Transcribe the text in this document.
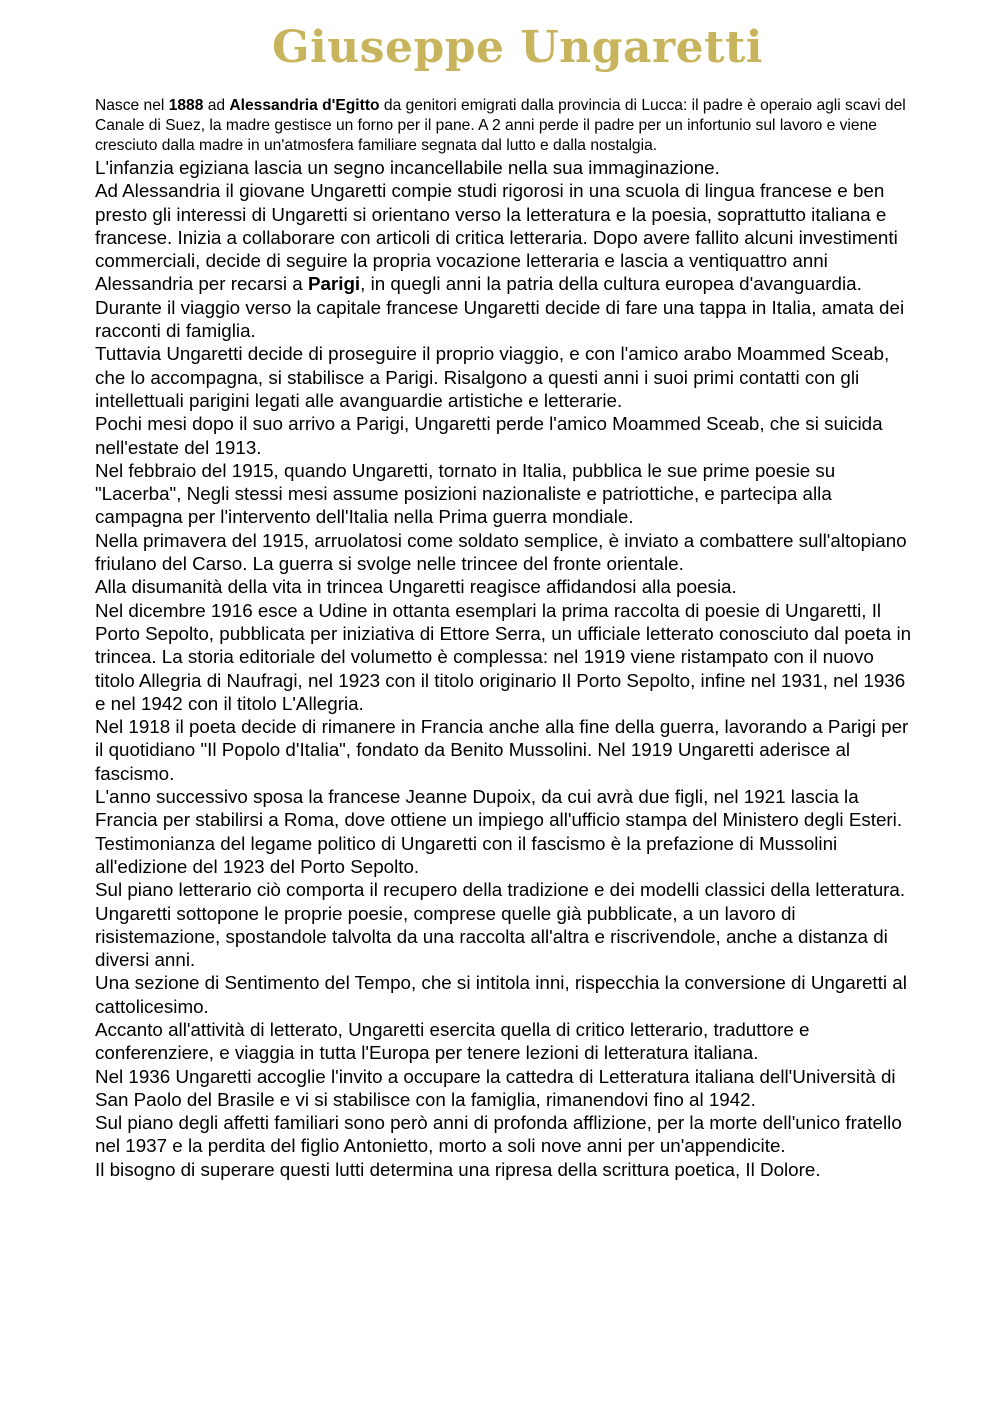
Giuseppe Ungaretti

Nasce nel 1888 ad Alessandria d'Egitto da genitori emigrati dalla provincia di Lucca: il padre è operaio agli scavi del Canale di Suez, la madre gestisce un forno per il pane. A 2 anni perde il padre per un infortunio sul lavoro e viene cresciuto dalla madre in un'atmosfera familiare segnata dal lutto e dalla nostalgia.

L'infanzia egiziana lascia un segno incancellabile nella sua immaginazione.

Ad Alessandria il giovane Ungaretti compie studi rigorosi in una scuola di lingua francese e ben presto gli interessi di Ungaretti si orientano verso la letteratura e la poesia, soprattutto italiana e francese. Inizia a collaborare con articoli di critica letteraria. Dopo avere fallito alcuni investimenti commerciali, decide di seguire la propria vocazione letteraria e lascia a ventiquattro anni Alessandria per recarsi a Parigi, in quegli anni la patria della cultura europea d'avanguardia.

Durante il viaggio verso la capitale francese Ungaretti decide di fare una tappa in Italia, amata dei racconti di famiglia.

Tuttavia Ungaretti decide di proseguire il proprio viaggio, e con l'amico arabo Moammed Sceab, che lo accompagna, si stabilisce a Parigi. Risalgono a questi anni i suoi primi contatti con gli intellettuali parigini legati alle avanguardie artistiche e letterarie.

Pochi mesi dopo il suo arrivo a Parigi, Ungaretti perde l'amico Moammed Sceab, che si suicida nell'estate del 1913.

Nel febbraio del 1915, quando Ungaretti, tornato in Italia, pubblica le sue prime poesie su "Lacerba", Negli stessi mesi assume posizioni nazionaliste e patriottiche, e partecipa alla campagna per l'intervento dell'Italia nella Prima guerra mondiale.

Nella primavera del 1915, arruolatosi come soldato semplice, è inviato a combattere sull'altopiano friulano del Carso. La guerra si svolge nelle trincee del fronte orientale.

Alla disumanità della vita in trincea Ungaretti reagisce affidandosi alla poesia.

Nel dicembre 1916 esce a Udine in ottanta esemplari la prima raccolta di poesie di Ungaretti, Il Porto Sepolto, pubblicata per iniziativa di Ettore Serra, un ufficiale letterato conosciuto dal poeta in trincea. La storia editoriale del volumetto è complessa: nel 1919 viene ristampato con il nuovo titolo Allegria di Naufragi, nel 1923 con il titolo originario Il Porto Sepolto, infine nel 1931, nel 1936 e nel 1942 con il titolo L'Allegria.

Nel 1918 il poeta decide di rimanere in Francia anche alla fine della guerra, lavorando a Parigi per il quotidiano "Il Popolo d'Italia", fondato da Benito Mussolini. Nel 1919 Ungaretti aderisce al fascismo.

L'anno successivo sposa la francese Jeanne Dupoix, da cui avrà due figli, nel 1921 lascia la Francia per stabilirsi a Roma, dove ottiene un impiego all'ufficio stampa del Ministero degli Esteri. Testimonianza del legame politico di Ungaretti con il fascismo è la prefazione di Mussolini all'edizione del 1923 del Porto Sepolto.

Sul piano letterario ciò comporta il recupero della tradizione e dei modelli classici della letteratura.

Ungaretti sottopone le proprie poesie, comprese quelle già pubblicate, a un lavoro di risistemazione, spostandole talvolta da una raccolta all'altra e riscrivendole, anche a distanza di diversi anni.

Una sezione di Sentimento del Tempo, che si intitola inni, rispecchia la conversione di Ungaretti al cattolicesimo.

Accanto all'attività di letterato, Ungaretti esercita quella di critico letterario, traduttore e conferenziere, e viaggia in tutta l'Europa per tenere lezioni di letteratura italiana.

Nel 1936 Ungaretti accoglie l'invito a occupare la cattedra di Letteratura italiana dell'Università di San Paolo del Brasile e vi si stabilisce con la famiglia, rimanendovi fino al 1942.

Sul piano degli affetti familiari sono però anni di profonda afflizione, per la morte dell'unico fratello nel 1937 e la perdita del figlio Antonietto, morto a soli nove anni per un'appendicite.

Il bisogno di superare questi lutti determina una ripresa della scrittura poetica, Il Dolore.
